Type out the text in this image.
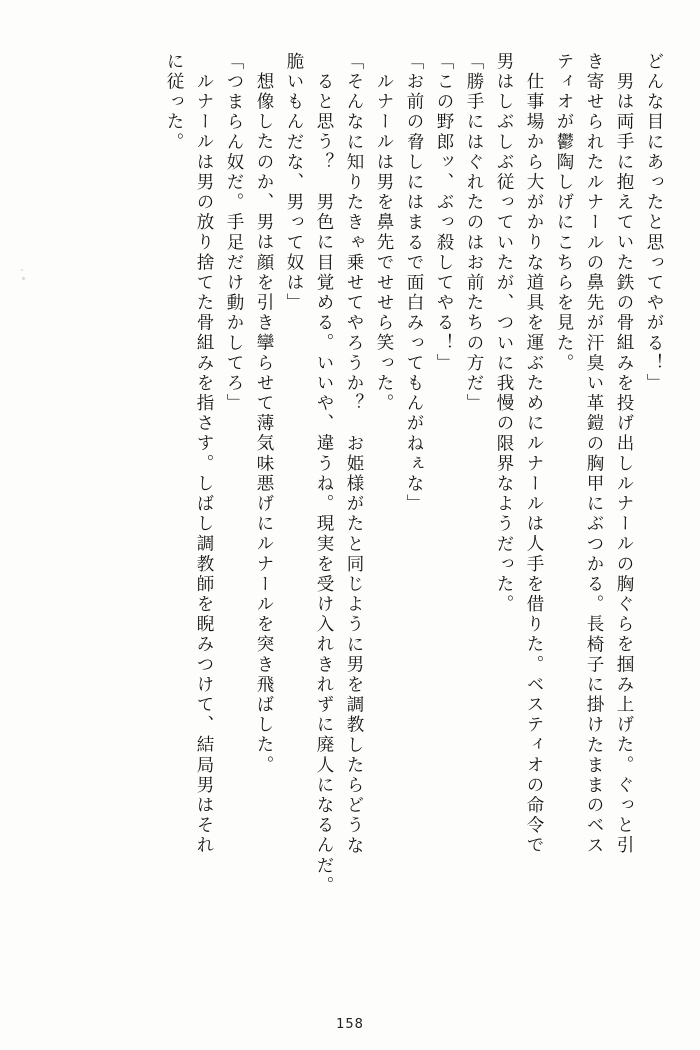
どんな目にあったと思ってやがる！」
男は両手に抱えていた鉄の骨組みを投げ出しルナールの胸ぐらを掴み上げた。ぐっと引
き寄せられたルナールの鼻先が汗臭い革鎧の胸甲にぶつかる。長椅子に掛けたままのベス
ティオが鬱陶しげにこちらを見た。
仕事場から大がかりな道具を運ぶためにルナールは人手を借りた。ベスティオの命令で
男はしぶしぶ従っていたが、ついに我慢の限界なようだった。
「勝手にはぐれたのはお前たちの方だ」
「この野郎ッ、ぶっ殺してやる！」
「お前の脅しにはまるで面白みってもんがねぇな」
ルナールは男を鼻先でせせら笑った。
「そんなに知りたきゃ乗せてやろうか？　お姫様がたと同じように男を調教したらどうな
ると思う？　男色に目覚める。いいや、違うね。現実を受け入れきれずに廃人になるんだ。
脆いもんだな、男って奴は」
想像したのか、男は顔を引き攣らせて薄気味悪げにルナールを突き飛ばした。
「つまらん奴だ。手足だけ動かしてろ」
ルナールは男の放り捨てた骨組みを指さす。しばし調教師を睨みつけて、結局男はそれ
に従った。
158
